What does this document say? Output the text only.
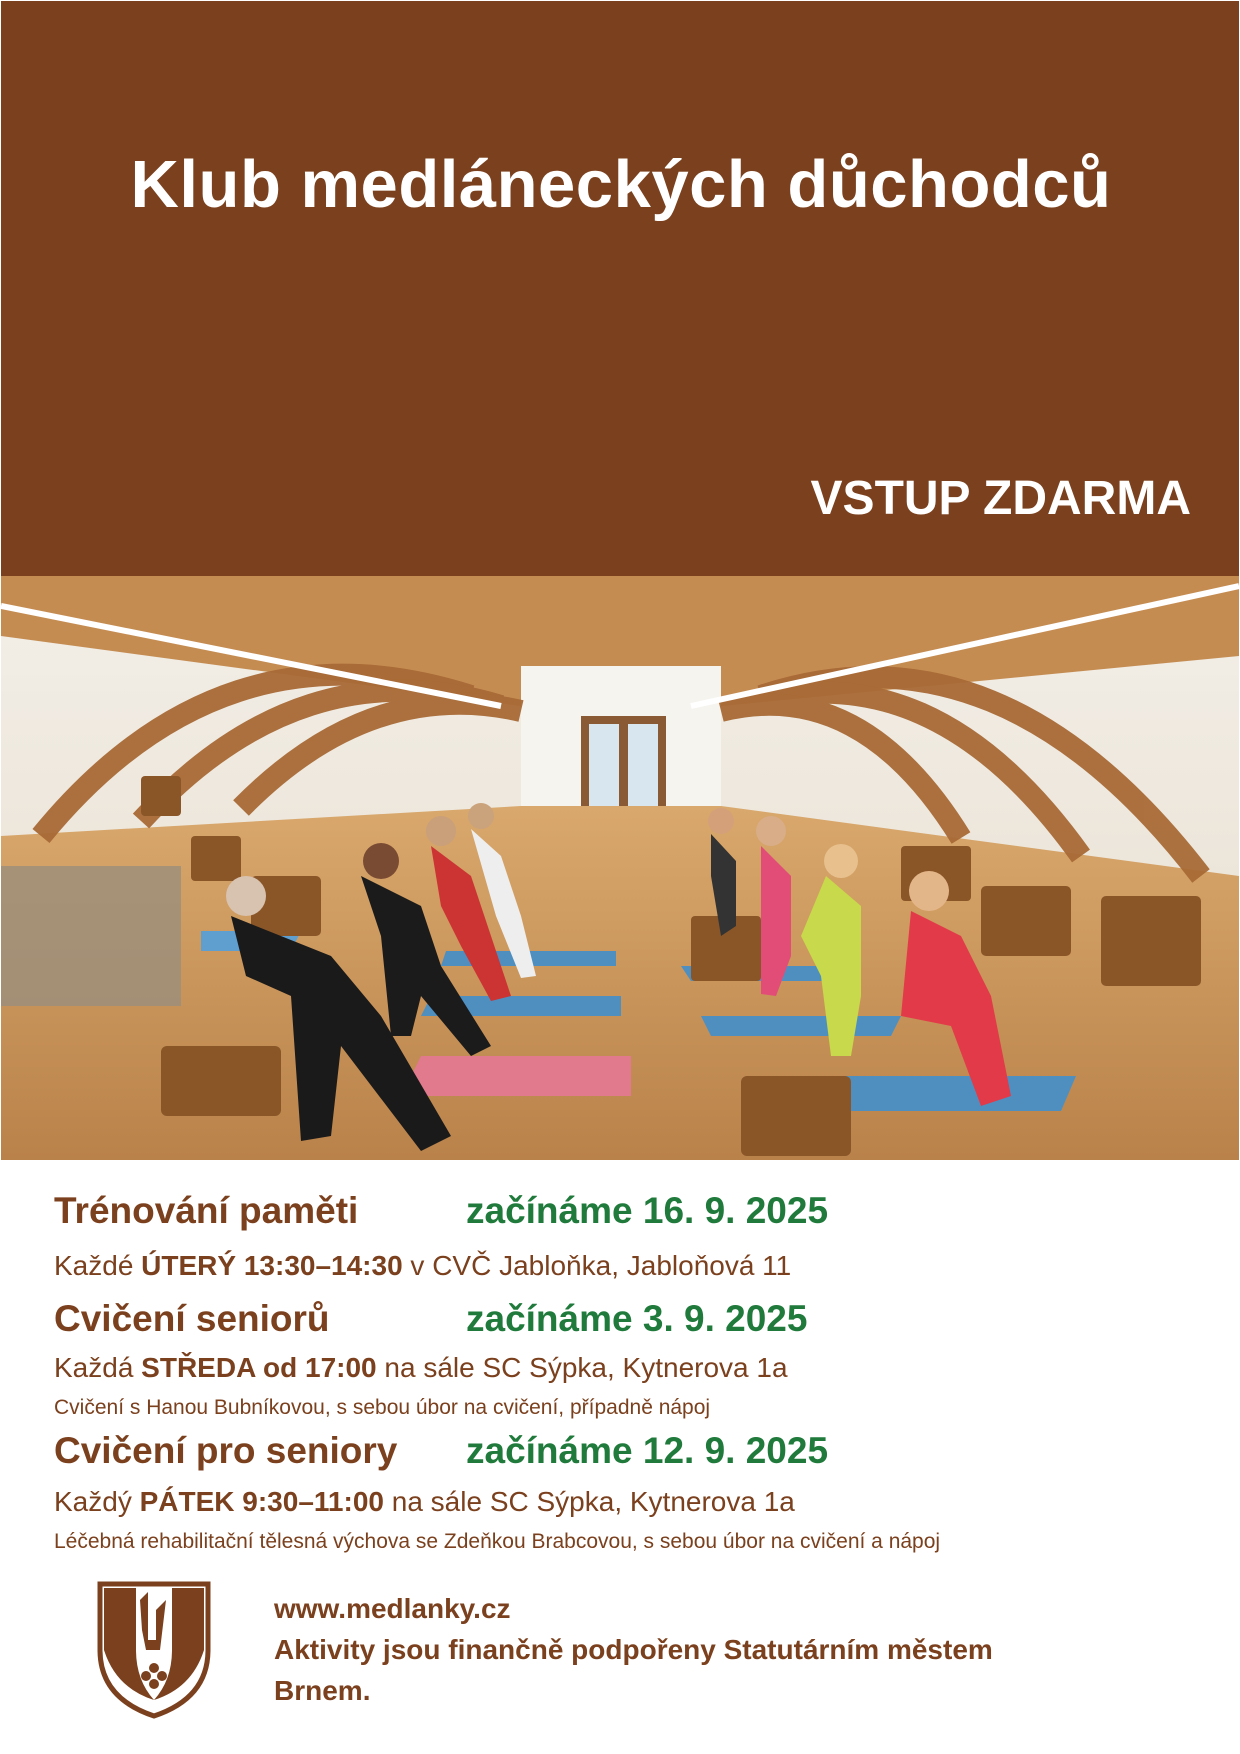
Klub medláneckých důchodců
VSTUP ZDARMA
Trénování paměti	začínáme 16. 9. 2025
Každé ÚTERÝ 13:30–14:30 v CVČ Jabloňka, Jabloňová 11
Cvičení seniorů	začínáme 3. 9. 2025
Každá STŘEDA od 17:00 na sále SC Sýpka, Kytnerova 1a
Cvičení s Hanou Bubníkovou, s sebou úbor na cvičení, případně nápoj
Cvičení pro seniory začínáme 12. 9. 2025
Každý PÁTEK 9:30–11:00 na sále SC Sýpka, Kytnerova 1a
Léčebná rehabilitační tělesná výchova se Zdeňkou Brabcovou, s sebou úbor na cvičení a nápoj
www.medlanky.cz
Aktivity jsou finančně podpořeny Statutárním městem
Brnem.
